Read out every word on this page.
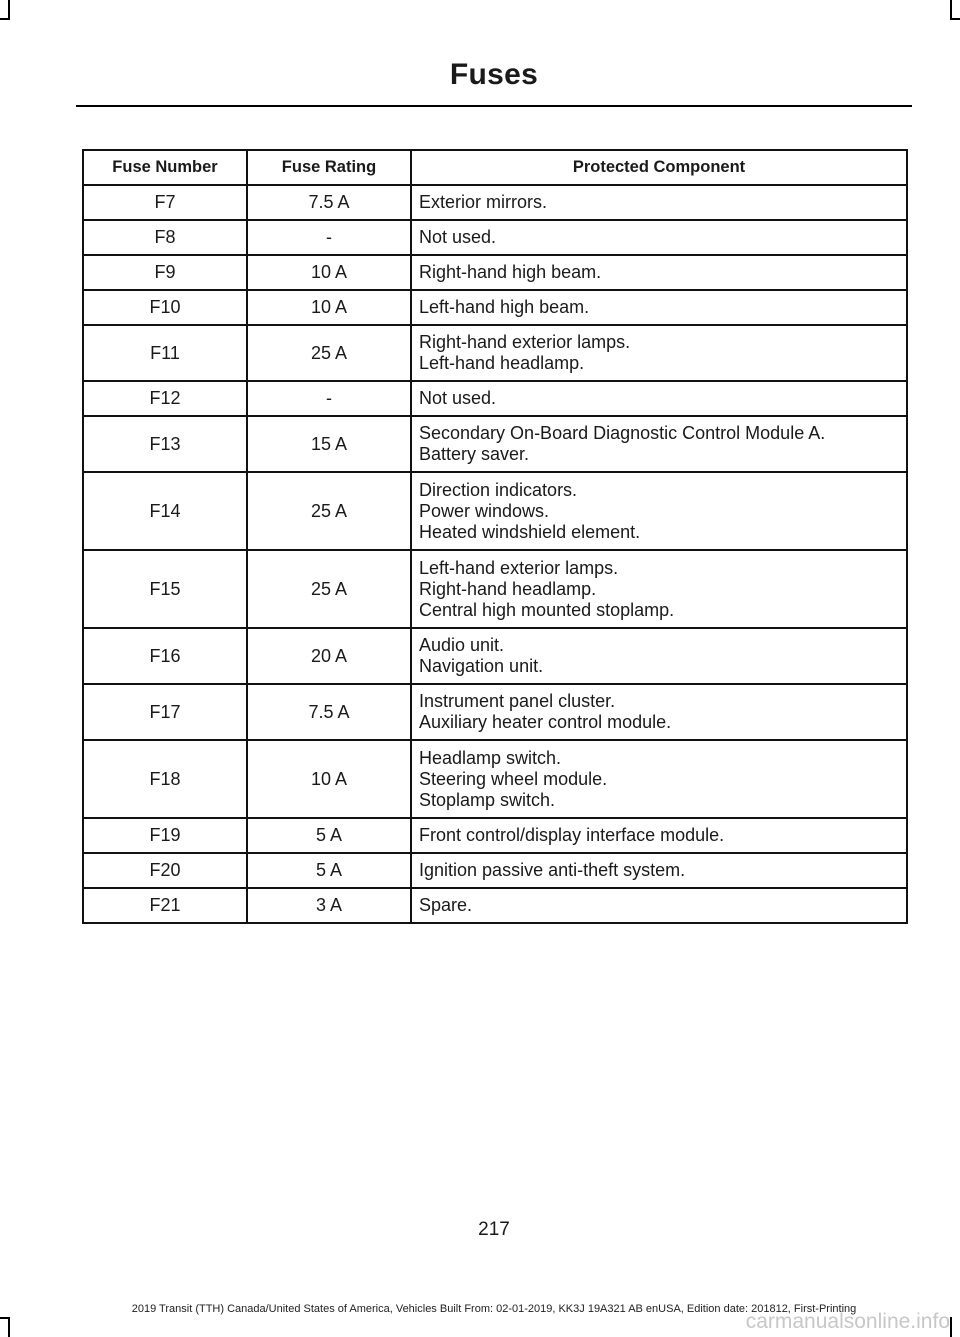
Fuses
Fuse Number	Fuse Rating	Protected Component
F7	7.5 A	Exterior mirrors.

F8	-	Not used.

F9	10 A	Right-hand high beam.

F10	10 A	Left-hand high beam.

F11	25 A	Right-hand exterior lamps.
Left-hand headlamp.

F12	-	Not used.

F13	15 A	Secondary On-Board Diagnostic Control Module A.
Battery saver.

F14	25 A	Direction indicators.
Power windows.
Heated windshield element.

F15	25 A	Left-hand exterior lamps.
Right-hand headlamp.
Central high mounted stoplamp.

F16	20 A	Audio unit.
Navigation unit.

F17	7.5 A	Instrument panel cluster.
Auxiliary heater control module.

F18	10 A	Headlamp switch.
Steering wheel module.
Stoplamp switch.

F19	5 A	Front control/display interface module.

F20	5 A	Ignition passive anti-theft system.

F21	3 A	Spare.
217
2019 Transit (TTH) Canada/United States of America, Vehicles Built From: 02-01-2019, KK3J 19A321 AB enUSA, Edition date: 201812, First-Printing
carmanualsonline.info
